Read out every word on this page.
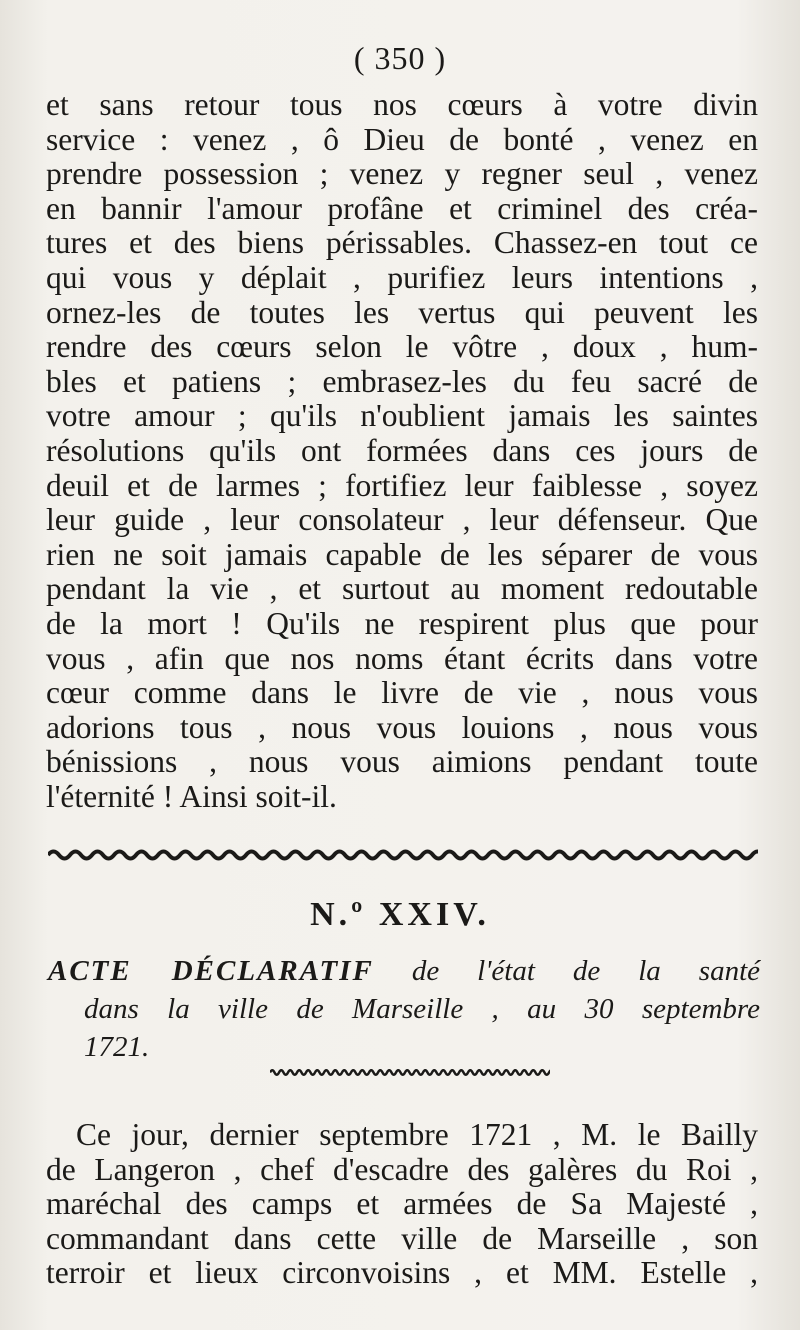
( 350 )
et sans retour tous nos cœurs à votre divin
service : venez , ô Dieu de bonté , venez en
prendre possession ; venez y regner seul , venez
en bannir l'amour profâne et criminel des créa-
tures et des biens périssables. Chassez-en tout ce
qui vous y déplait , purifiez leurs intentions ,
ornez-les de toutes les vertus qui peuvent les
rendre des cœurs selon le vôtre , doux , hum-
bles et patiens ; embrasez-les du feu sacré de
votre amour ; qu'ils n'oublient jamais les saintes
résolutions qu'ils ont formées dans ces jours de
deuil et de larmes ; fortifiez leur faiblesse , soyez
leur guide , leur consolateur , leur défenseur. Que
rien ne soit jamais capable de les séparer de vous
pendant la vie , et surtout au moment redoutable
de la mort ! Qu'ils ne respirent plus que pour
vous , afin que nos noms étant écrits dans votre
cœur comme dans le livre de vie , nous vous
adorions tous , nous vous louions , nous vous
bénissions , nous vous aimions pendant toute
l'éternité ! Ainsi soit-il.
N.º XXIV.
ACTE DÉCLARATIF de l'état de la santé
dans la ville de Marseille , au 30 septembre
1721.
Ce jour, dernier septembre 1721 , M. le Bailly
de Langeron , chef d'escadre des galères du Roi ,
maréchal des camps et armées de Sa Majesté ,
commandant dans cette ville de Marseille , son
terroir et lieux circonvoisins , et MM. Estelle ,
